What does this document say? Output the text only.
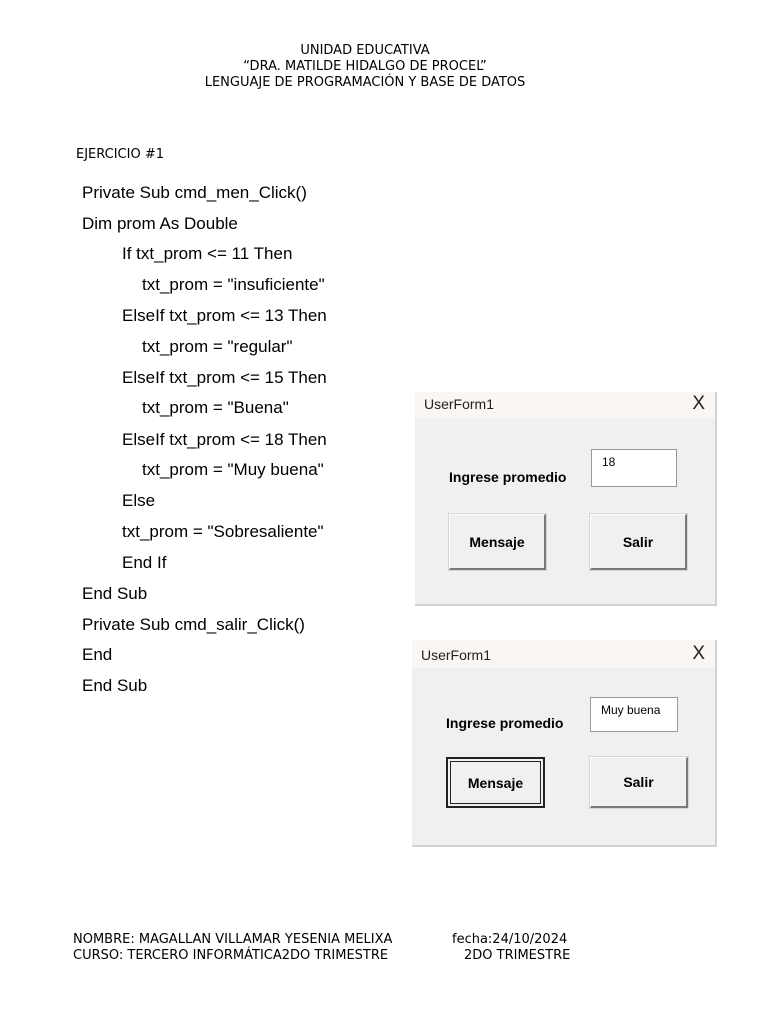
UNIDAD EDUCATIVA
“DRA. MATILDE HIDALGO DE PROCEL”
LENGUAJE DE PROGRAMACIÓN Y BASE DE DATOS
EJERCICIO #1
Private Sub cmd_men_Click()
Dim prom As Double
If txt_prom <= 11 Then
txt_prom = "insuficiente"
ElseIf txt_prom <= 13 Then
txt_prom = "regular"
ElseIf txt_prom <= 15 Then
txt_prom = "Buena"
ElseIf txt_prom <= 18 Then
txt_prom = "Muy buena"
Else
txt_prom = "Sobresaliente"
End If
End Sub
Private Sub cmd_salir_Click()
End
End Sub
UserForm1	X
Ingrese promedio
18
Mensaje	Salir
UserForm1	X
Ingrese promedio
Muy buena
Mensaje	Salir

NOMBRE: MAGALLAN VILLAMAR YESENIA MELIXA

	fecha:24/10/2024

CURSO: TERCERO INFORMÁTICA2DO TRIMESTRE

	2DO TRIMESTRE
